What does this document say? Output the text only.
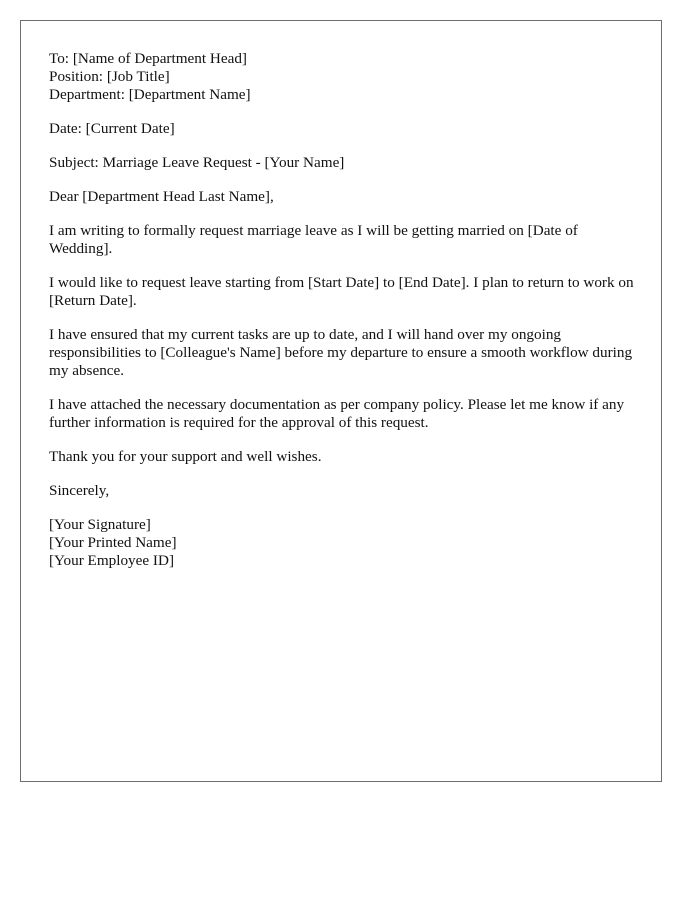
To: [Name of Department Head]
Position: [Job Title]
Department: [Department Name]

Date: [Current Date]

Subject: Marriage Leave Request - [Your Name]

Dear [Department Head Last Name],

I am writing to formally request marriage leave as I will be getting married on [Date of Wedding].

I would like to request leave starting from [Start Date] to [End Date]. I plan to return to work on [Return Date].

I have ensured that my current tasks are up to date, and I will hand over my ongoing responsibilities to [Colleague's Name] before my departure to ensure a smooth workflow during my absence.

I have attached the necessary documentation as per company policy. Please let me know if any further information is required for the approval of this request.

Thank you for your support and well wishes.

Sincerely,

[Your Signature]
[Your Printed Name]
[Your Employee ID]
